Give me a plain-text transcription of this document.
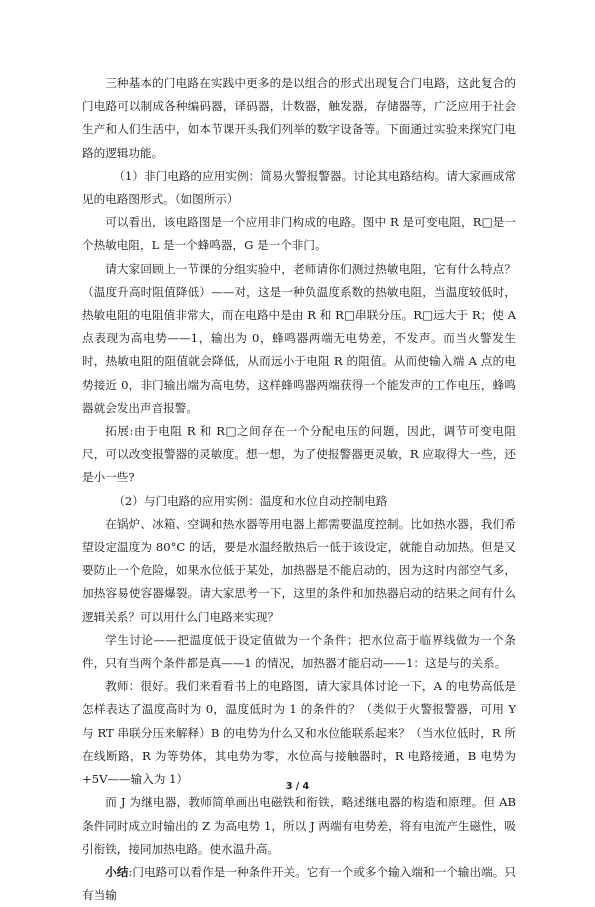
三种基本的门电路在实践中更多的是以组合的形式出现复合门电路，这此复合的门电路可以制成各种编码器，译码器，计数器，触发器，存储器等，广泛应用于社会生产和人们生活中，如本节课开头我们列举的数字设备等。下面通过实验来探究门电路的逻辑功能。

（1）非门电路的应用实例：简易火警报警器。讨论其电路结构。请大家画成常见的电路图形式。（如图所示）

可以看出，该电路图是一个应用非门构成的电路。图中 R 是可变电阻，R□是一个热敏电阻，L 是一个蜂鸣器，G 是一个非门。

请大家回顾上一节课的分组实验中，老师请你们测过热敏电阻，它有什么特点？（温度升高时阻值降低）——对，这是一种负温度系数的热敏电阻，当温度较低时，热敏电阻的电阻值非常大，而在电路中是由 R 和 R□串联分压。R□远大于 R；使 A 点表现为高电势——1，输出为 0，蜂鸣器两端无电势差，不发声。而当火警发生时，热敏电阻的阻值就会降低，从而远小于电阻 R 的阻值。从而使输入端 A 点的电势接近 0，非门输出端为高电势，这样蜂鸣器两端获得一个能发声的工作电压，蜂鸣器就会发出声音报警。

拓展:由于电阻 R 和 R□之间存在一个分配电压的问题，因此，调节可变电阻尺，可以改变报警器的灵敏度。想一想，为了使报警器更灵敏，R 应取得大一些，还是小一些?

（2）与门电路的应用实例：温度和水位自动控制电路

在锅炉、冰箱、空调和热水器等用电器上都需要温度控制。比如热水器，我们希望设定温度为 80°C 的话，要是水温经散热后一低于该设定，就能自动加热。但是又要防止一个危险，如果水位低于某处，加热器是不能启动的，因为这时内部空气多，加热容易使容器爆裂。请大家思考一下，这里的条件和加热器启动的结果之间有什么逻辑关系？可以用什么门电路来实现？

学生讨论——把温度低于设定值做为一个条件；把水位高于临界线做为一个条件，只有当两个条件都是真——1 的情况，加热器才能启动——1：这是与的关系。

教师：很好。我们来看看书上的电路图，请大家具体讨论一下，A 的电势高低是怎样表达了温度高时为 0，温度低时为 1 的条件的？（类似于火警报警器，可用 Y 与 RT 串联分压来解释）B 的电势为什么又和水位能联系起来？（当水位低时，R 所在线断路，R 为等势体，其电势为零，水位高与接触器时，R 电路接通，B 电势为+5V——输入为 1）

而 J 为继电器，教师简单画出电磁铁和衔铁，略述继电器的构造和原理。但 AB 条件同时成立时输出的 Z 为高电势 1，所以 J 两端有电势差，将有电流产生磁性，吸引衔铁，接同加热电路。使水温升高。

小结:门电路可以看作是一种条件开关。它有一个或多个输入端和一个输出端。只有当输

3 / 4
